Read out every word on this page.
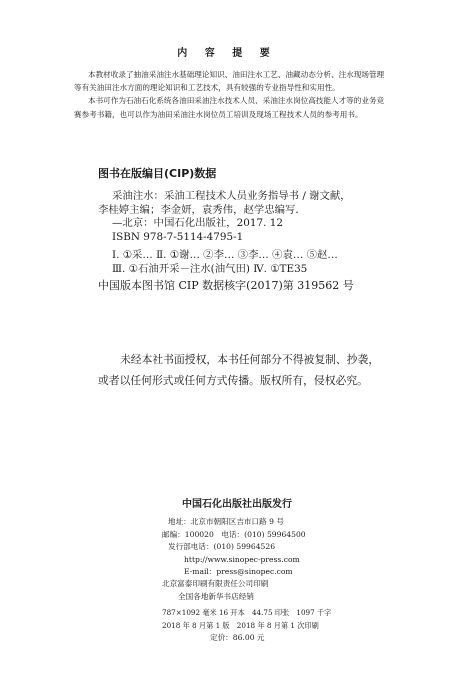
内 容 提 要

本教材收录了抽油采油注水基础理论知识、油田注水工艺、油藏动态分析、注水现场管理等有关油田注水方面的理论知识和工艺技术，具有较强的专业指导性和实用性。

本书可作为石油石化系统各油田采油注水技术人员、采油注水岗位高技能人才等的业务竞赛参考书籍，也可以作为油田采油注水岗位员工培训及现场工程技术人员的参考用书。

图书在版编目(CIP)数据
采油注水：采油工程技术人员业务指导书 / 谢文献，
李桂婷主编；李金妍，袁秀伟，赵学忠编写．
—北京：中国石化出版社，2017. 12
ISBN 978-7-5114-4795-1
Ⅰ. ①采… Ⅱ. ①谢… ②李… ③李… ④袁… ⑤赵…
Ⅲ. ①石油开采－注水(油气田) Ⅳ. ①TE35
中国版本图书馆 CIP 数据核字(2017)第 319562 号

未经本社书面授权，本书任何部分不得被复制、抄袭，或者以任何形式或任何方式传播。版权所有，侵权必究。

中国石化出版社出版发行
地址：北京市朝阳区吉市口路 9 号
邮编：100020　电话：(010) 59964500
发行部电话：(010) 59964526
http://www.sinopec-press.com
E-mail：press@sinopec.com
北京富泰印刷有限责任公司印刷
全国各地新华书店经销
787×1092 毫米 16 开本　44.75 印张　1097 千字
2018 年 8 月第 1 版　2018 年 8 月第 1 次印刷
定价：86.00 元
